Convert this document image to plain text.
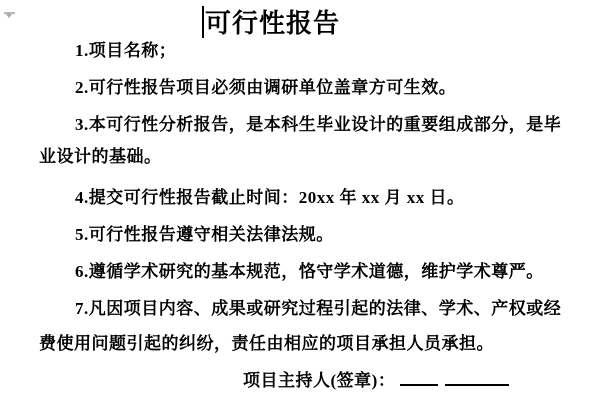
可行性报告
1.项目名称；
2.可行性报告项目必须由调研单位盖章方可生效。
3.本可行性分析报告，是本科生毕业设计的重要组成部分，是毕
业设计的基础。
4.提交可行性报告截止时间：20xx 年 xx 月 xx 日。
5.可行性报告遵守相关法律法规。
6.遵循学术研究的基本规范，恪守学术道德，维护学术尊严。
7.凡因项目内容、成果或研究过程引起的法律、学术、产权或经
费使用问题引起的纠纷，责任由相应的项目承担人员承担。
项目主持人(签章)：
